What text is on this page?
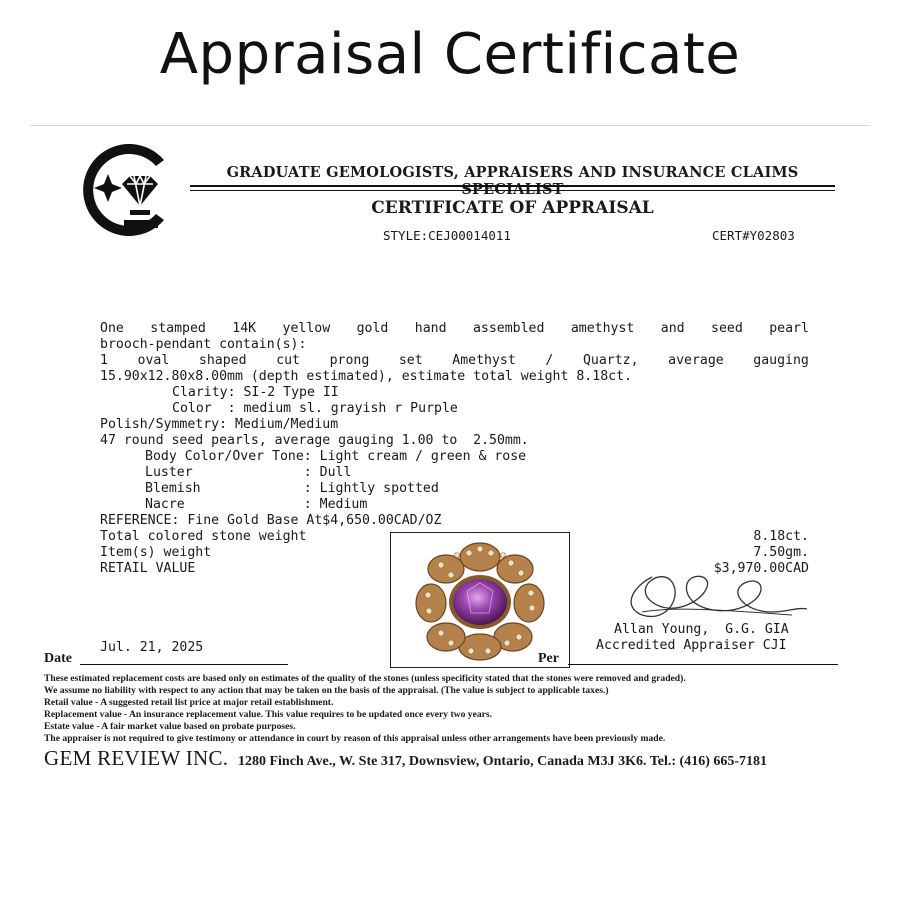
Appraisal Certificate
GRADUATE GEMOLOGISTS, APPRAISERS AND INSURANCE CLAIMS SPECIALIST
CERTIFICATE OF APPRAISAL
STYLE:CEJ00014011	CERT#Y02803
One stamped 14K yellow gold hand assembled amethyst and seed pearl
brooch-pendant contain(s):
1 oval shaped cut prong set Amethyst / Quartz, average gauging
15.90x12.80x8.00mm (depth estimated), estimate total weight 8.18ct.
Clarity: SI-2 Type II
Color  : medium sl. grayish r Purple
Polish/Symmetry: Medium/Medium
47 round seed pearls, average gauging 1.00 to  2.50mm.
Body Color/Over Tone: Light cream / green & rose
Luster              : Dull
Blemish             : Lightly spotted
Nacre               : Medium
REFERENCE: Fine Gold Base At$4,650.00CAD/OZ
Total colored stone weight
Item(s) weight
RETAIL VALUE
8.18ct.
7.50gm.
$3,970.00CAD
Date
Jul. 21, 2025
Per
Allan Young,  G.G. GIA
Accredited Appraiser CJI
These estimated replacement costs are based only on estimates of the quality of the stones (unless specificity stated that the stones were removed and graded).
We assume no liability with respect to any action that may be taken on the basis of the appraisal. (The value is subject to applicable taxes.)
Retail value - A suggested retail list price at major retail establishment.
Replacement value - An insurance replacement value. This value requires to be updated once every two years.
Estate value - A fair market value based on probate purposes.
The appraiser is not required to give testimony or attendance in court by reason of this appraisal unless other arrangements have been previously made.
GEM REVIEW INC. 1280 Finch Ave., W. Ste 317, Downsview, Ontario, Canada M3J 3K6. Tel.: (416) 665-7181
